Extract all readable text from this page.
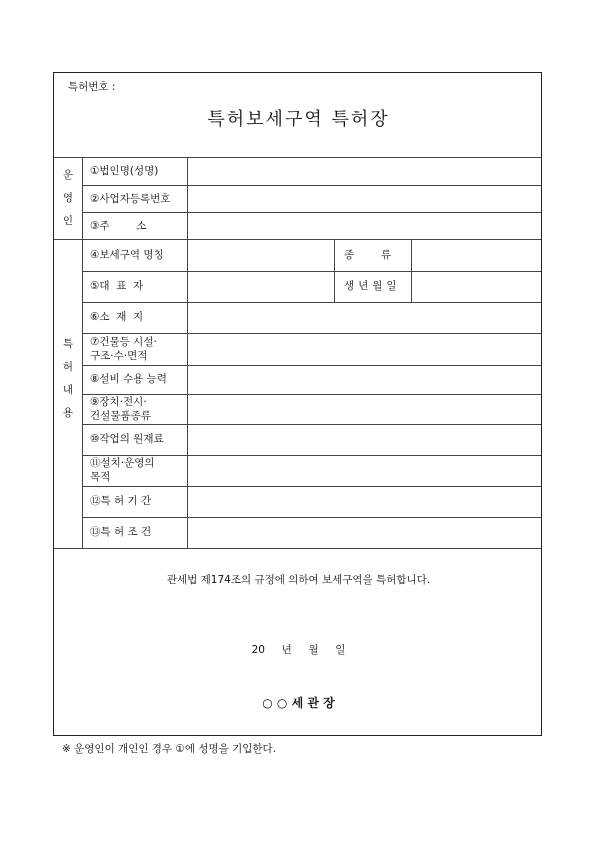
특허번호 :
특허보세구역 특허장
운
영
인
특
허
내
용
①법인명(성명)
②사업자등록번호
③주        소
④보세구역 명칭	종        류
⑤대  표  자	생년월일
⑥소  재  지
⑦건물등 시설·
구조·수·면적
⑧설비 수용 능력
⑨장치·전시·
건설물품종류
⑩작업의 원재료
⑪설치·운영의
목적
⑫특 허 기 간
⑬특 허 조 건
관세법 제174조의 규정에 의하여 보세구역을 특허합니다.
20     년     월     일
○ ○ 세 관 장
※ 운영인이 개인인 경우 ①에 성명을 기입한다.
